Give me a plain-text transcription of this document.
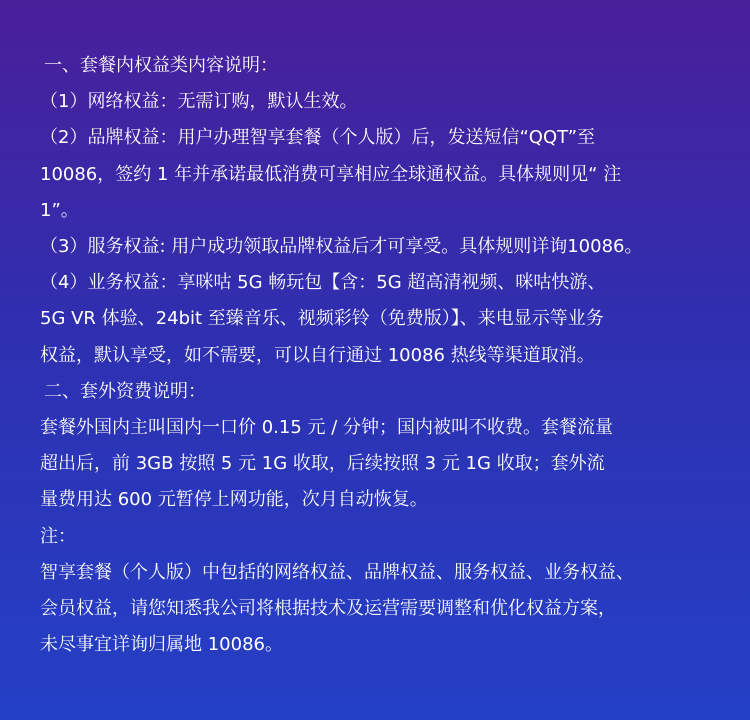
一、套餐内权益类内容说明：
（1）网络权益：无需订购，默认生效。
（2）品牌权益：用户办理智享套餐（个人版）后，发送短信“QQT”至
10086，签约 1 年并承诺最低消费可享相应全球通权益。具体规则见“ 注
1”。
（3）服务权益: 用户成功领取品牌权益后才可享受。具体规则详询10086。
（4）业务权益：享咪咕 5G 畅玩包【含：5G 超高清视频、咪咕快游、
5G VR 体验、24bit 至臻音乐、视频彩铃（免费版）】、来电显示等业务
权益，默认享受，如不需要，可以自行通过 10086 热线等渠道取消。
二、套外资费说明：
套餐外国内主叫国内一口价 0.15 元 / 分钟；国内被叫不收费。套餐流量
超出后，前 3GB 按照 5 元 1G 收取，后续按照 3 元 1G 收取；套外流
量费用达 600 元暂停上网功能，次月自动恢复。
注：
智享套餐（个人版）中包括的网络权益、品牌权益、服务权益、业务权益、
会员权益，请您知悉我公司将根据技术及运营需要调整和优化权益方案，
未尽事宜详询归属地 10086。
